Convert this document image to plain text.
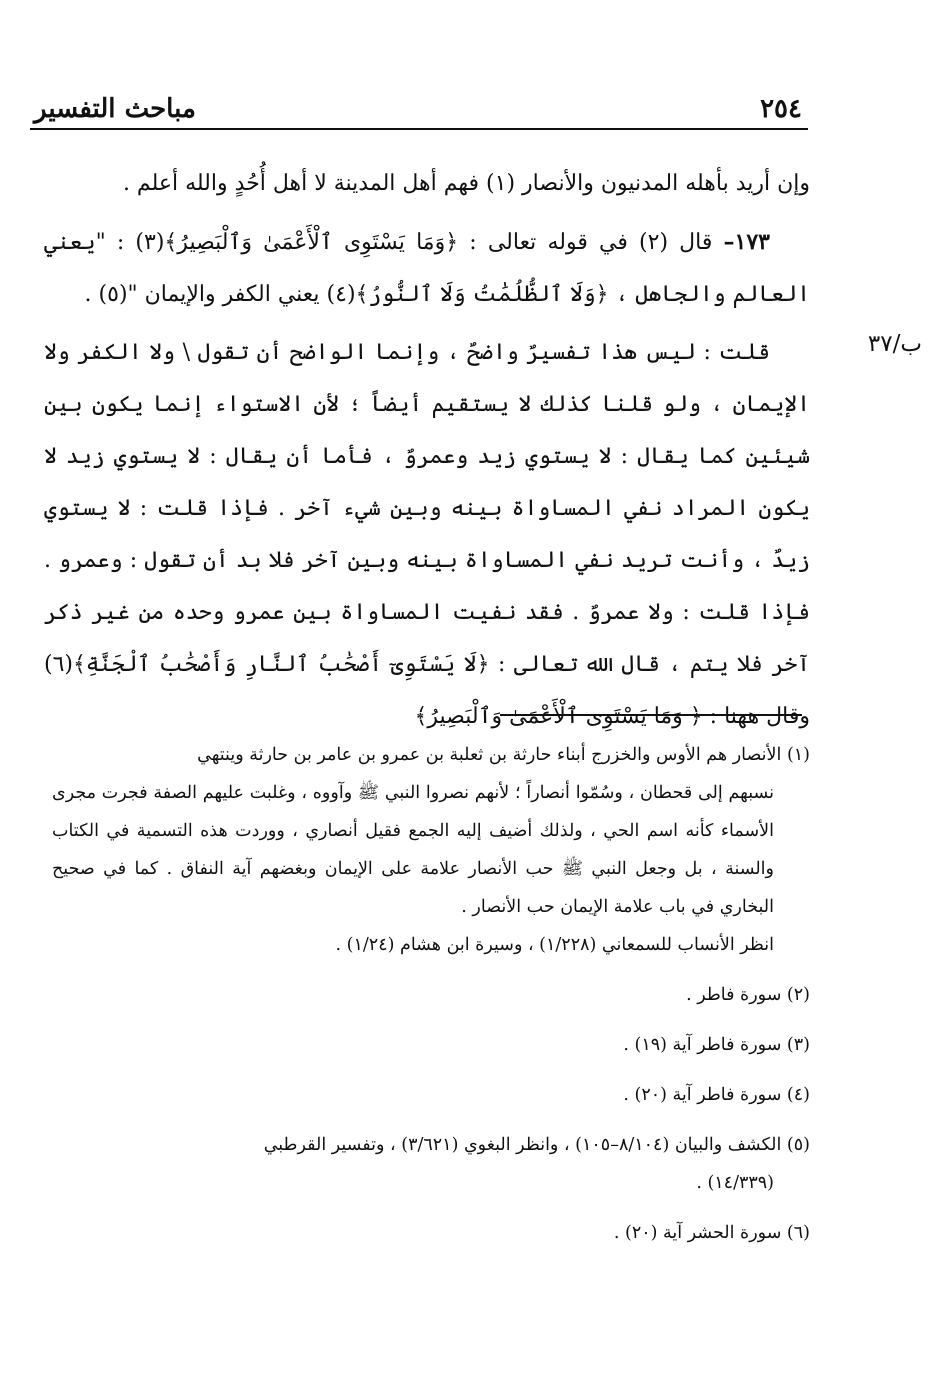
مباحث التفسير	٢٥٤
ب/٣٧

وإن أريد بأهله المدنيون والأنصار (١) فهم أهل المدينة لا أهل أُحُدٍ والله أعلم .

١٧٣– قال (٢) في قوله تعالى : ﴿وَمَا يَسْتَوِى ٱلْأَعْمَىٰ وَٱلْبَصِيرُ﴾(٣) : "يعني العالم والجاهل ، ﴿وَلَا ٱلظُّلُمَٰتُ وَلَا ٱلنُّورُ﴾(٤) يعني الكفر والإيمان "(٥) .

قلت : ليس هذا تفسيرٌ واضحٌ ، وإنما الواضح أن تقول \ ولا الكفر ولا الإيمان ، ولو قلنا كذلك لا يستقيم أيضاً ؛ لأن الاستواء إنما يكون بين شيئين كما يقال : لا يستوي زيد وعمروٌ ، فأما أن يقال : لا يستوي زيد لا يكون المراد نفي المساواة بينه وبين شيء آخر . فإذا قلت : لا يستوي زيدٌ ، وأنت تريد نفي المساواة بينه وبين آخر فلا بد أن تقول : وعمرو . فإذا قلت : ولا عمروٌ . فقد نفيت المساواة بين عمرو وحده من غير ذكر آخر فلا يتم ، قال الله تعالى : ﴿لَا يَسْتَوِىٓ أَصْحَٰبُ ٱلنَّارِ وَأَصْحَٰبُ ٱلْجَنَّةِ﴾(٦) وقال ههنا : ﴿ وَمَا يَسْتَوِى ٱلْأَعْمَىٰ وَٱلْبَصِيرُ﴾

(١) الأنصار هم الأوس والخزرج أبناء حارثة بن ثعلبة بن عمرو بن عامر بن حارثة وينتهي
نسبهم إلى قحطان ، وسُمّوا أنصاراً ؛ لأنهم نصروا النبي ﷺ وآووه ، وغلبت عليهم الصفة فجرت مجرى الأسماء كأنه اسم الحي ، ولذلك أضيف إليه الجمع فقيل أنصاري ، ووردت هذه التسمية في الكتاب والسنة ، بل وجعل النبي ﷺ حب الأنصار علامة على الإيمان وبغضهم آية النفاق . كما في صحيح البخاري في باب علامة الإيمان حب الأنصار .
انظر الأنساب للسمعاني (١/٢٢٨) ، وسيرة ابن هشام (١/٢٤) .
(٢) سورة فاطر .
(٣) سورة فاطر آية (١٩) .
(٤) سورة فاطر آية (٢٠) .
(٥) الكشف والبيان (٨/١٠٤–١٠٥) ، وانظر البغوي (٣/٦٢١) ، وتفسير القرطبي
(١٤/٣٣٩) .
(٦) سورة الحشر آية (٢٠) .
